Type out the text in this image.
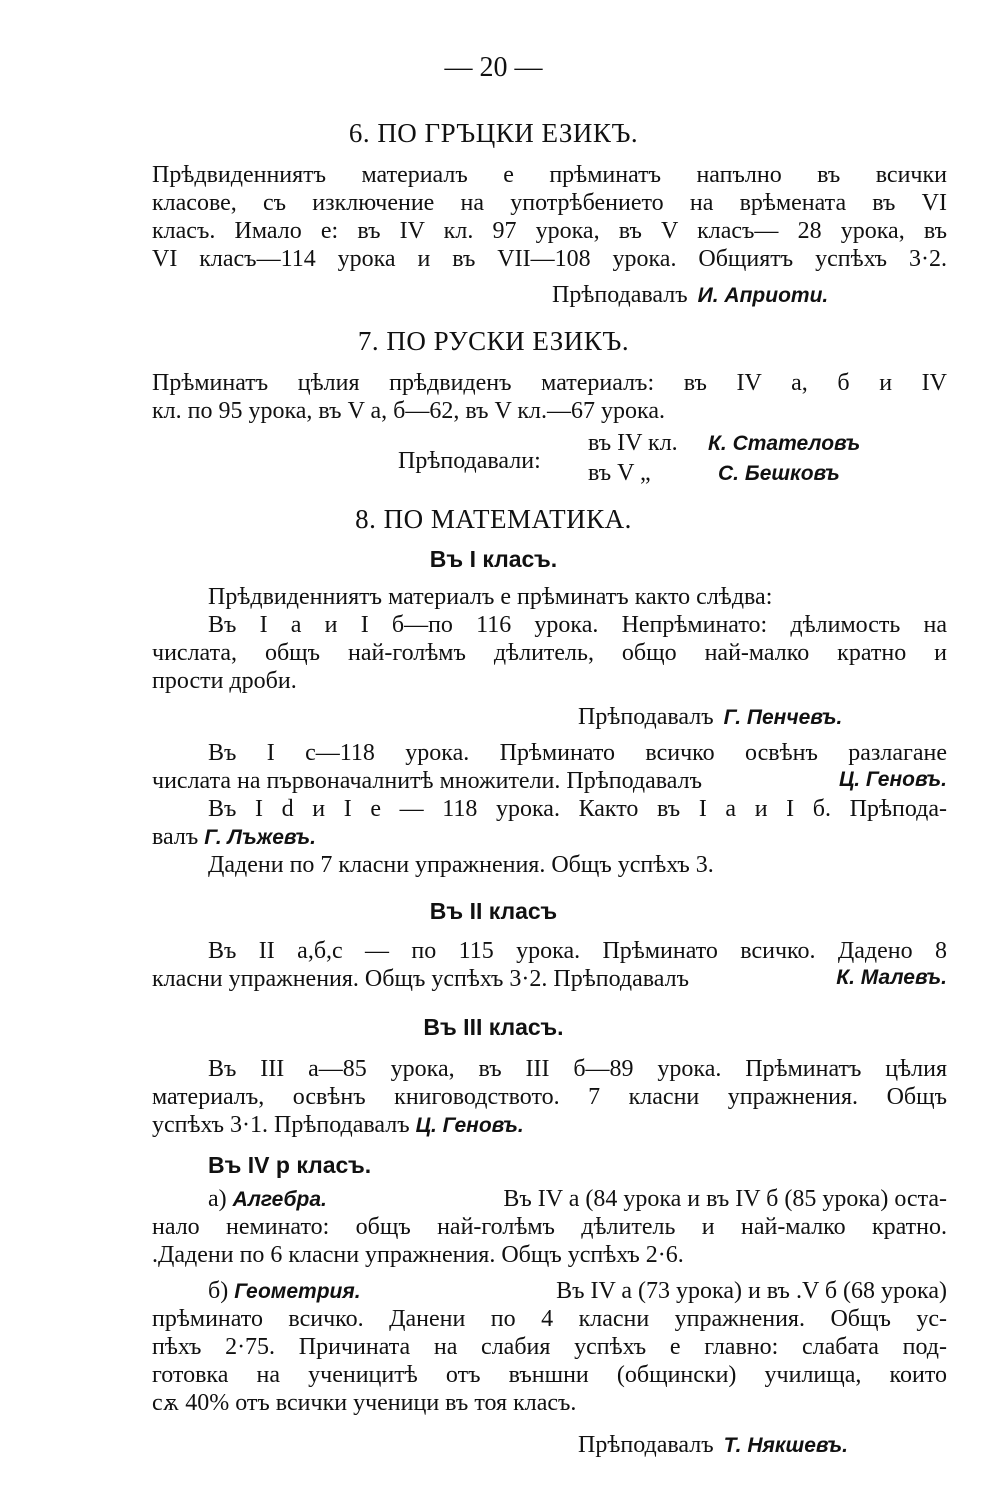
— 20 —
6. ПО ГРЪЦКИ ЕЗИКЪ.
Прѣдвиденниятъ материалъ е прѣминатъ напълно въ всички
класове, съ изключение на употрѣбението на врѣмената въ VI
класъ. Имало е: въ IV кл. 97 урока, въ V класъ— 28 урока, въ
VI класъ—114 урока и въ VII—108 урока. Общиятъ успѣхъ 3·2.
Прѣподавалъ И. Априоти.
7. ПО РУСКИ ЕЗИКЪ.
Прѣминатъ цѣлия прѣдвиденъ материалъ: въ IV а, б и IV
кл. по 95 урока, въ V а, б—62, въ V кл.—67 урока.
Прѣподавали:
въ IV кл. К. Стателовъ
въ V „	С. Бешковъ
8. ПО МАТЕМАТИКА.
Въ I класъ.
Прѣдвиденниятъ материалъ е прѣминатъ както слѣдва:
Въ I а и I б—по 116 урока. Непрѣминато: дѣлимость на
числата, общъ най-голѣмъ дѣлитель, общо най-малко кратно и
прости дроби.
Прѣподавалъ Г. Пенчевъ.
Въ I с—118 урока. Прѣминато всичко освѣнъ разлагане
числата на първоначалнитѣ множители. Прѣподавалъ	Ц. Геновъ.
Въ I d и I е — 118 урока. Както въ I а и I б. Прѣпода-
валъ Г. Лъжевъ.
Дадени по 7 класни упражнения. Общъ успѣхъ 3.
Въ II класъ
Въ II а,б,с — по 115 урока. Прѣминато всичко. Дадено 8
класни упражнения. Общъ успѣхъ 3·2. Прѣподавалъ	К. Малевъ.
Въ III класъ.
Въ III а—85 урока, въ III б—89 урока. Прѣминатъ цѣлия
материалъ, освѣнъ книговодството. 7 класни упражнения. Общъ
успѣхъ 3·1. Прѣподавалъ Ц. Геновъ.
Въ IV р класъ.
а) Алгебра.	Въ IV а (84 урока и въ IV б (85 урока) оста-
нало неминато: общъ най-голѣмъ дѣлитель и най-малко кратно.
.Дадени по 6 класни упражнения. Общъ успѣхъ 2·6.
б) Геометрия.	Въ IV а (73 урока) и въ .V б (68 урока)
прѣминато всичко. Данени по 4 класни упражнения. Общъ ус-
пѣхъ 2·75. Причината на слабия успѣхъ е главно: слабата под-
готовка на ученицитѣ отъ външни (общински) училища, които
сѫ 40% отъ всички ученици въ тоя класъ.
Прѣподавалъ Т. Някшевъ.
